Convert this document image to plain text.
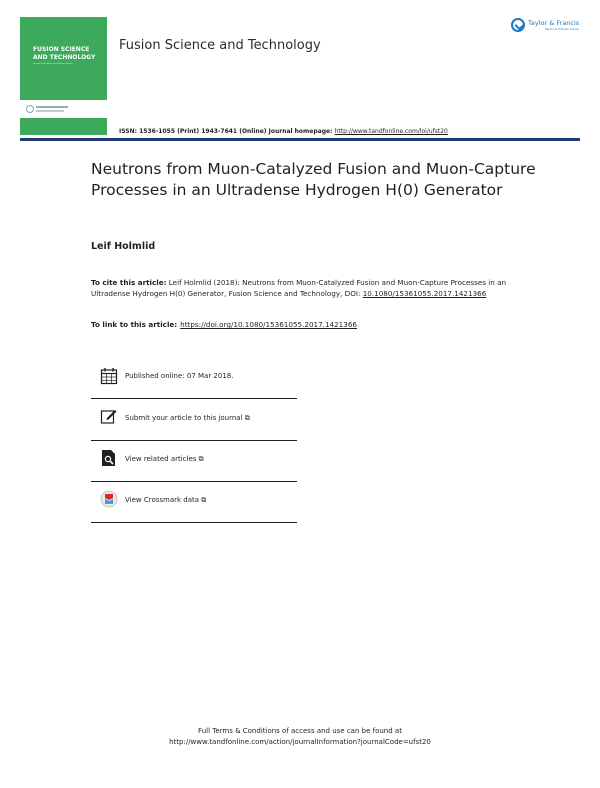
FUSION SCIENCE
AND TECHNOLOGY
Journal of the American Nuclear Society
Fusion Science and Technology
Taylor & Francis
Taylor & Francis Group
ISSN: 1536-1055 (Print) 1943-7641 (Online) Journal homepage: http://www.tandfonline.com/loi/ufst20
Neutrons from Muon-Catalyzed Fusion and Muon-Capture Processes in an Ultradense Hydrogen H(0) Generator
Leif Holmlid
To cite this article: Leif Holmlid (2018): Neutrons from Muon-Catalyzed Fusion and Muon-Capture Processes in an Ultradense Hydrogen H(0) Generator, Fusion Science and Technology, DOI: 10.1080/15361055.2017.1421366
To link to this article: https://doi.org/10.1080/15361055.2017.1421366
Published online: 07 Mar 2018.
Submit your article to this journal ⧉
View related articles ⧉
View Crossmark data ⧉
Full Terms & Conditions of access and use can be found at
http://www.tandfonline.com/action/journalInformation?journalCode=ufst20
